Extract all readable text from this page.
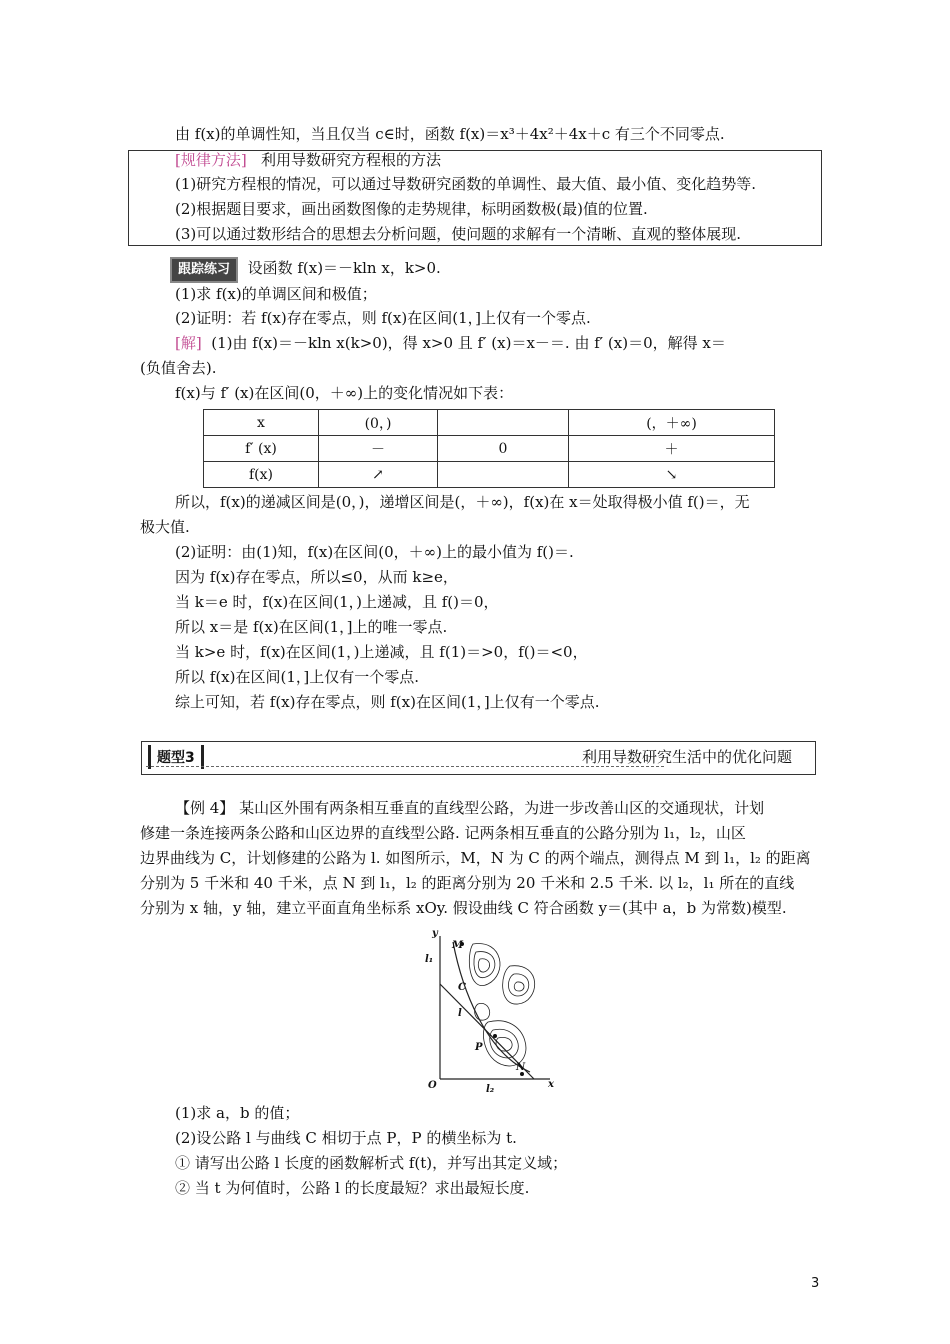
由 f(x)的单调性知，当且仅当 c∈时，函数 f(x)＝x³＋4x²＋4x＋c 有三个不同零点.
[规律方法] 利用导数研究方程根的方法
(1)研究方程根的情况，可以通过导数研究函数的单调性、最大值、最小值、变化趋势等.
(2)根据题目要求，画出函数图像的走势规律，标明函数极(最)值的位置.
(3)可以通过数形结合的思想去分析问题，使问题的求解有一个清晰、直观的整体展现.
跟踪练习 设函数 f(x)＝－kln x，k>0.
(1)求 f(x)的单调区间和极值；
(2)证明：若 f(x)存在零点，则 f(x)在区间(1，]上仅有一个零点.
[解] (1)由 f(x)＝－kln x(k>0)，得 x>0 且 f′ (x)＝x－＝. 由 f′ (x)＝0，解得 x＝
(负值舍去).
f(x)与 f′ (x)在区间(0，＋∞)上的变化情况如下表：
x	(0，)		(，＋∞)
f′ (x)	－	0	＋
f(x)	↗		↘
所以，f(x)的递减区间是(0，)，递增区间是(，＋∞)，f(x)在 x＝处取得极小值 f()＝，无
极大值.
(2)证明：由(1)知，f(x)在区间(0，＋∞)上的最小值为 f()＝.
因为 f(x)存在零点，所以≤0，从而 k≥e，
当 k＝e 时，f(x)在区间(1，)上递减，且 f()＝0，
所以 x＝是 f(x)在区间(1，]上的唯一零点.
当 k>e 时，f(x)在区间(1，)上递减，且 f(1)＝>0，f()＝<0，
所以 f(x)在区间(1，]上仅有一个零点.
综上可知，若 f(x)存在零点，则 f(x)在区间(1，]上仅有一个零点.
题型3	利用导数研究生活中的优化问题
【例 4】 某山区外围有两条相互垂直的直线型公路，为进一步改善山区的交通现状，计划
修建一条连接两条公路和山区边界的直线型公路. 记两条相互垂直的公路分别为 l₁，l₂，山区
边界曲线为 C，计划修建的公路为 l. 如图所示，M，N 为 C 的两个端点，测得点 M 到 l₁，l₂ 的距离
分别为 5 千米和 40 千米，点 N 到 l₁，l₂ 的距离分别为 20 千米和 2.5 千米. 以 l₂，l₁ 所在的直线
分别为 x 轴，y 轴，建立平面直角坐标系 xOy. 假设曲线 C 符合函数 y＝(其中 a，b 为常数)模型.
y
M
l₁
C
l
P
N
O	l₂	x
(1)求 a，b 的值；
(2)设公路 l 与曲线 C 相切于点 P，P 的横坐标为 t.
① 请写出公路 l 长度的函数解析式 f(t)，并写出其定义域；
② 当 t 为何值时，公路 l 的长度最短？求出最短长度.
3
